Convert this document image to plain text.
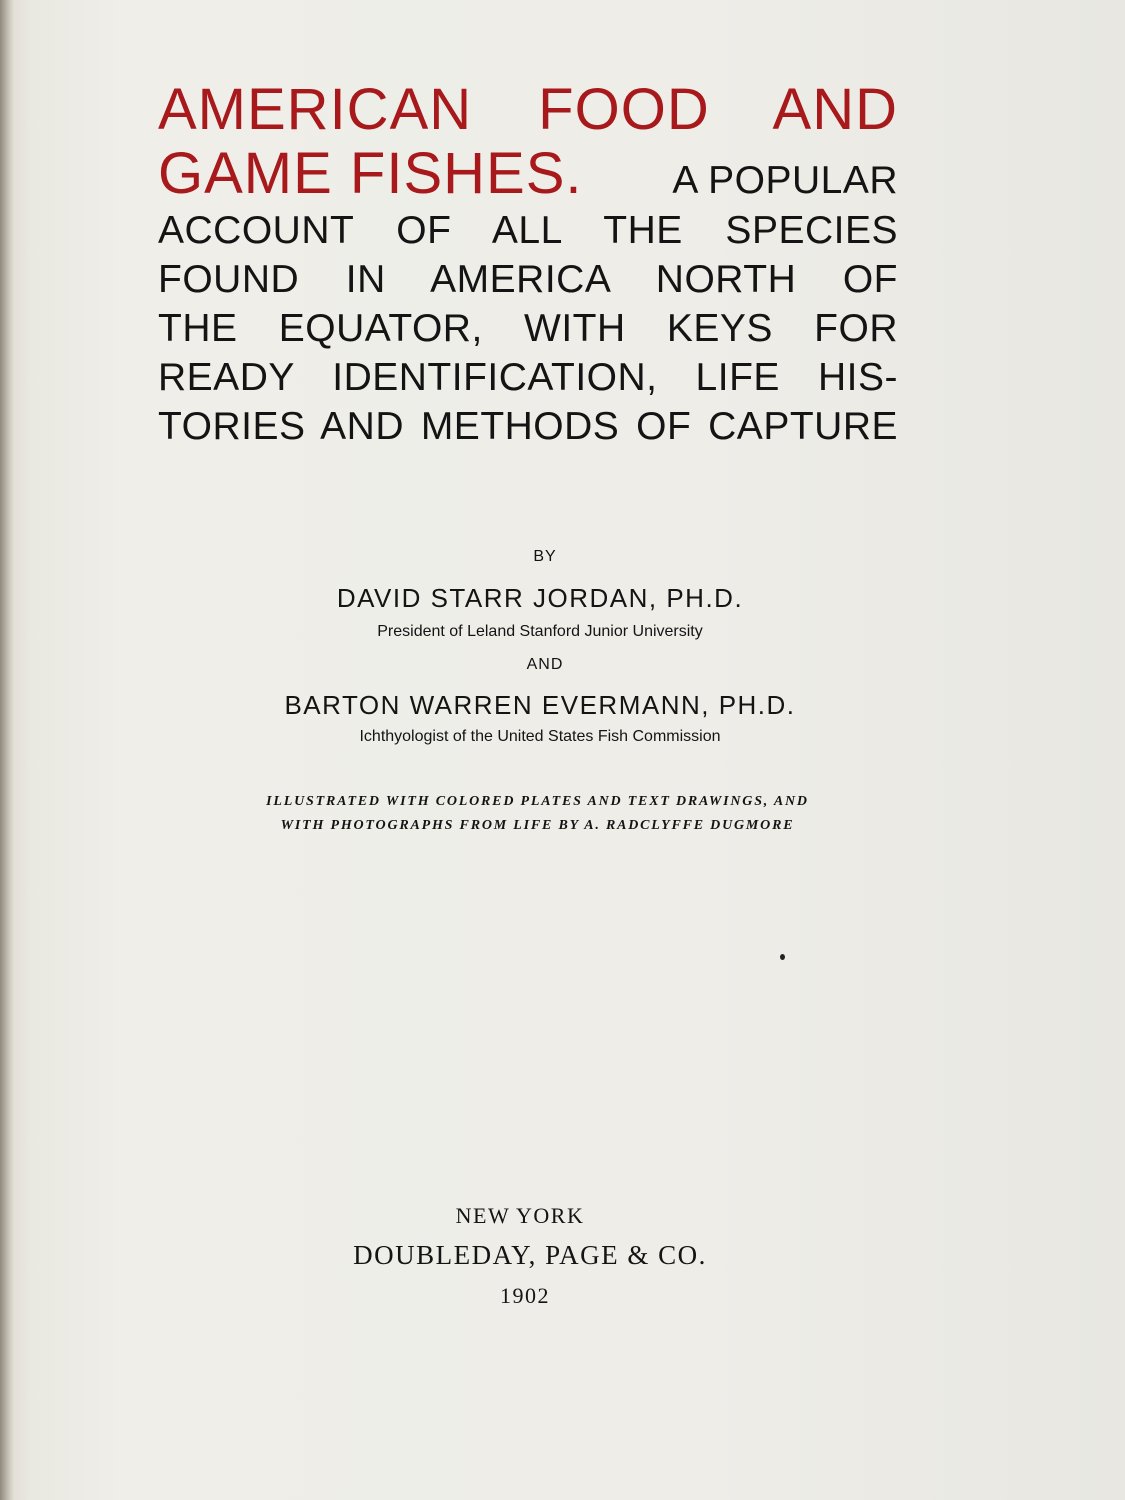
AMERICAN FOOD AND
GAME FISHES. A POPULAR
ACCOUNT OF ALL THE SPECIES
FOUND IN AMERICA NORTH OF
THE EQUATOR, WITH KEYS FOR
READY IDENTIFICATION, LIFE HIS-
TORIES AND METHODS OF CAPTURE
BY
DAVID STARR JORDAN, PH.D.
President of Leland Stanford Junior University
AND
BARTON WARREN EVERMANN, PH.D.
Ichthyologist of the United States Fish Commission
ILLUSTRATED WITH COLORED PLATES AND TEXT DRAWINGS, AND
WITH PHOTOGRAPHS FROM LIFE BY A. RADCLYFFE DUGMORE
NEW YORK
DOUBLEDAY, PAGE & CO.
1902
